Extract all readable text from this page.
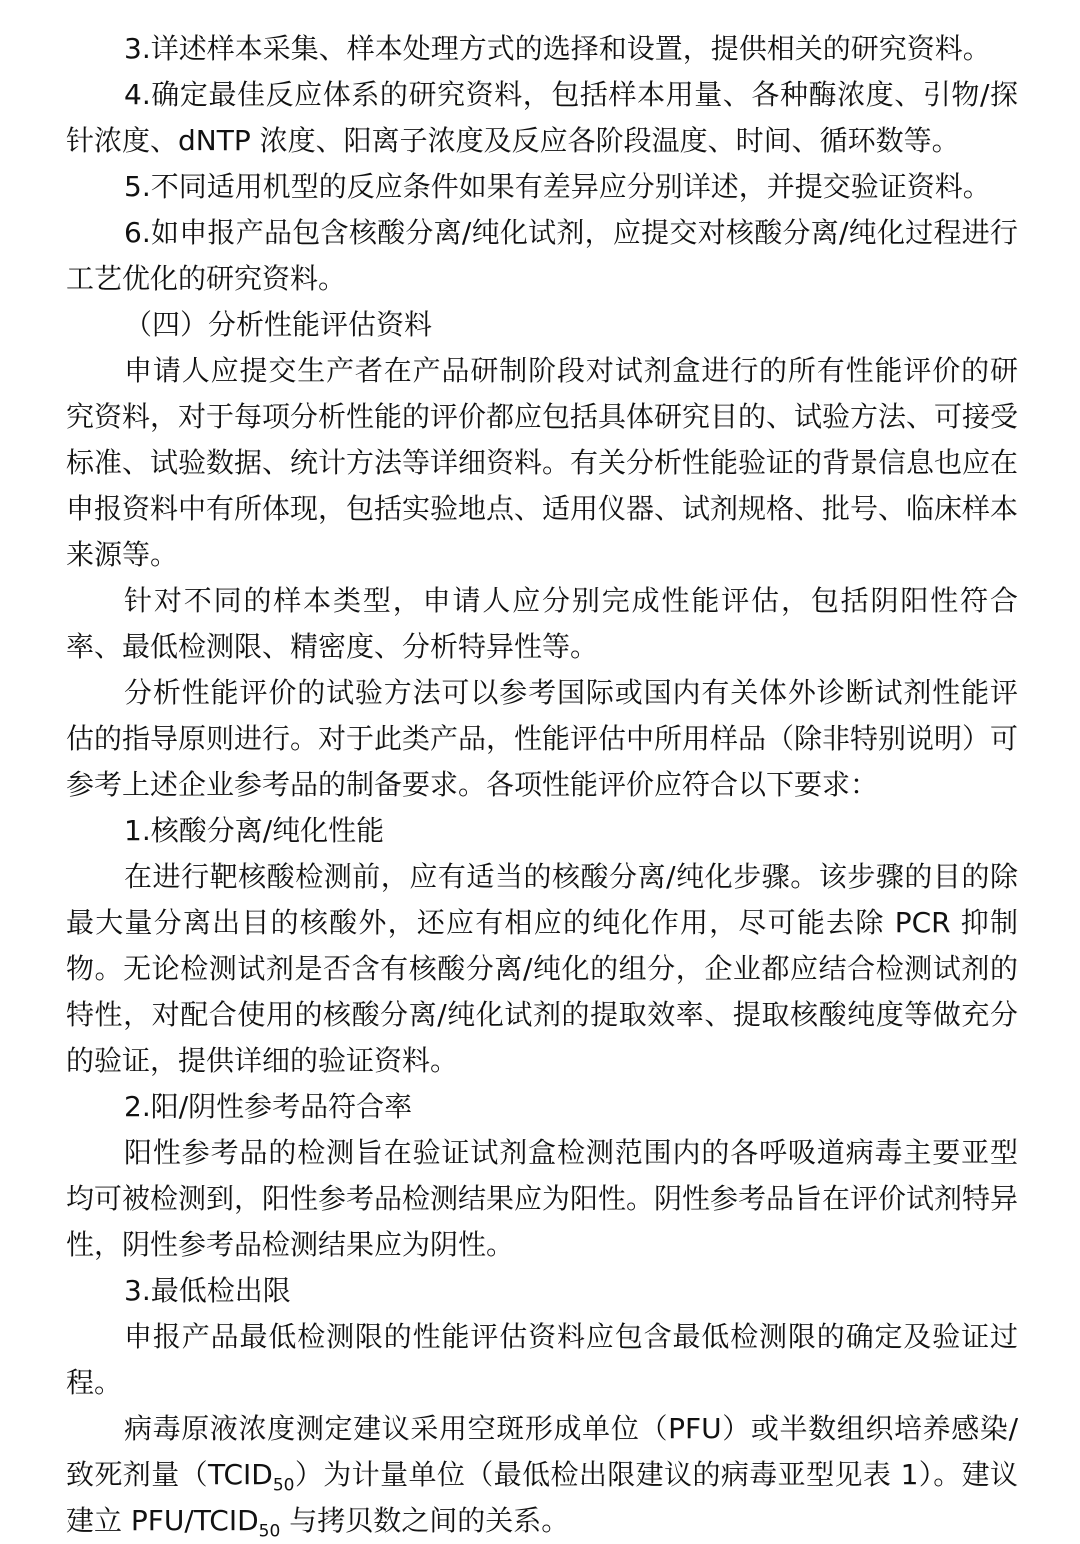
3.详述样本采集、样本处理方式的选择和设置，提供相关的研究资料。

4.确定最佳反应体系的研究资料，包括样本用量、各种酶浓度、引物/探针浓度、dNTP 浓度、阳离子浓度及反应各阶段温度、时间、循环数等。

5.不同适用机型的反应条件如果有差异应分别详述，并提交验证资料。

6.如申报产品包含核酸分离/纯化试剂，应提交对核酸分离/纯化过程进行工艺优化的研究资料。

（四）分析性能评估资料

申请人应提交生产者在产品研制阶段对试剂盒进行的所有性能评价的研究资料，对于每项分析性能的评价都应包括具体研究目的、试验方法、可接受标准、试验数据、统计方法等详细资料。有关分析性能验证的背景信息也应在申报资料中有所体现，包括实验地点、适用仪器、试剂规格、批号、临床样本来源等。

针对不同的样本类型，申请人应分别完成性能评估，包括阴阳性符合率、最低检测限、精密度、分析特异性等。

分析性能评价的试验方法可以参考国际或国内有关体外诊断试剂性能评估的指导原则进行。对于此类产品，性能评估中所用样品（除非特别说明）可参考上述企业参考品的制备要求。各项性能评价应符合以下要求：

1.核酸分离/纯化性能

在进行靶核酸检测前，应有适当的核酸分离/纯化步骤。该步骤的目的除最大量分离出目的核酸外，还应有相应的纯化作用，尽可能去除 PCR 抑制物。无论检测试剂是否含有核酸分离/纯化的组分，企业都应结合检测试剂的特性，对配合使用的核酸分离/纯化试剂的提取效率、提取核酸纯度等做充分的验证，提供详细的验证资料。

2.阳/阴性参考品符合率

阳性参考品的检测旨在验证试剂盒检测范围内的各呼吸道病毒主要亚型均可被检测到，阳性参考品检测结果应为阳性。阴性参考品旨在评价试剂特异性，阴性参考品检测结果应为阴性。

3.最低检出限

申报产品最低检测限的性能评估资料应包含最低检测限的确定及验证过程。

病毒原液浓度测定建议采用空斑形成单位（PFU）或半数组织培养感染/致死剂量$(TCID_{50})$为计量单位（最低检出限建议的病毒亚型见表 1）。建议建立 PFU/$TCID_{50}$ 与拷贝数之间的关系。
